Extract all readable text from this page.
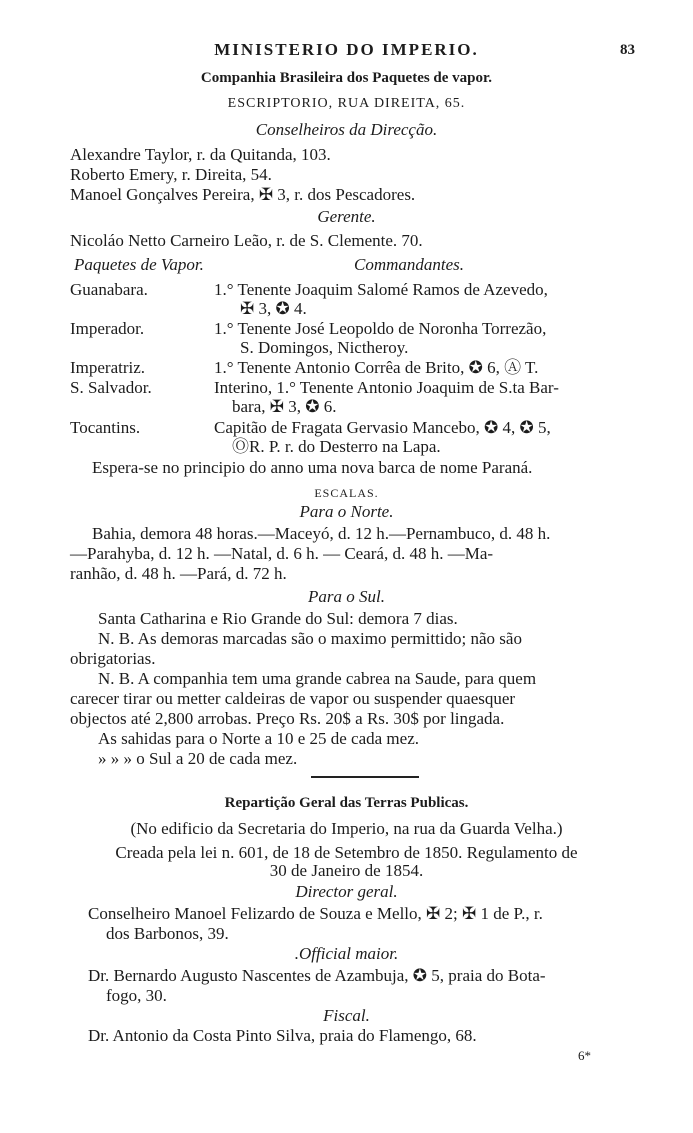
MINISTERIO DO IMPERIO.	83
Companhia Brasileira dos Paquetes de vapor.
ESCRIPTORIO, RUA DIREITA, 65.
Conselheiros da Direcção.
Alexandre Taylor, r. da Quitanda, 103.
Roberto Emery, r. Direita, 54.
Manoel Gonçalves Pereira, ✠ 3, r. dos Pescadores.
Gerente.
Nicoláo Netto Carneiro Leão, r. de S. Clemente. 70.
Paquetes de Vapor.	Commandantes.
Guanabara.	1.° Tenente Joaquim Salomé Ramos de Azevedo,
✠ 3, ✪ 4.
Imperador.	1.° Tenente José Leopoldo de Noronha Torrezão,
S. Domingos, Nictheroy.
Imperatriz.	1.° Tenente Antonio Corrêa de Brito, ✪ 6, Ⓐ T.
S. Salvador.	Interino, 1.° Tenente Antonio Joaquim de S.ta Bar-
bara, ✠ 3, ✪ 6.
Tocantins.	Capitão de Fragata Gervasio Mancebo, ✪ 4, ✪ 5,
ⓄR. P. r. do Desterro na Lapa.
Espera-se no principio do anno uma nova barca de nome Paraná.
ESCALAS.
Para o Norte.
Bahia, demora 48 horas.—Maceyó, d. 12 h.—Pernambuco, d. 48 h.
—Parahyba, d. 12 h. —Natal, d. 6 h. — Ceará, d. 48 h. —Ma-
ranhão, d. 48 h. —Pará, d. 72 h.
Para o Sul.
Santa Catharina e Rio Grande do Sul: demora 7 dias.
N. B. As demoras marcadas são o maximo permittido; não são
obrigatorias.
N. B. A companhia tem uma grande cabrea na Saude, para quem
carecer tirar ou metter caldeiras de vapor ou suspender quaesquer
objectos até 2,800 arrobas. Preço Rs. 20$ a Rs. 30$ por lingada.
As sahidas para o Norte a 10 e 25 de cada mez.
» » » o Sul a 20 de cada mez.
Repartição Geral das Terras Publicas.
(No edificio da Secretaria do Imperio, na rua da Guarda Velha.)
Creada pela lei n. 601, de 18 de Setembro de 1850. Regulamento de
30 de Janeiro de 1854.
Director geral.
Conselheiro Manoel Felizardo de Souza e Mello, ✠ 2; ✠ 1 de P., r.
dos Barbonos, 39.
.Official maior.
Dr. Bernardo Augusto Nascentes de Azambuja, ✪ 5, praia do Bota-
fogo, 30.
Fiscal.
Dr. Antonio da Costa Pinto Silva, praia do Flamengo, 68.
6*
